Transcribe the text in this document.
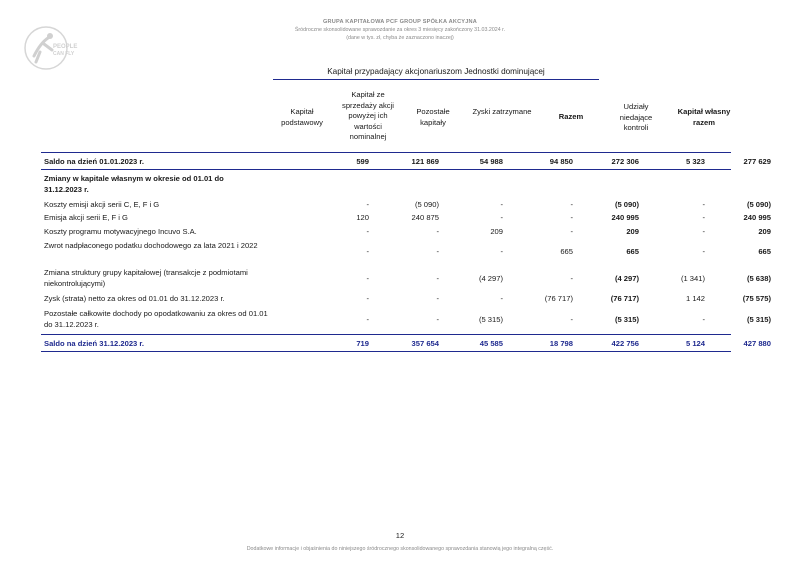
PEOPLE
CAN FLY
GRUPA KAPITAŁOWA PCF GROUP SPÓŁKA AKCYJNA
Śródroczne skonsolidowane sprawozdanie za okres 3 miesięcy zakończony 31.03.2024 r.
(dane w tys. zł, chyba że zaznaczono inaczej)
Kapitał przypadający akcjonariuszom Jednostki dominującej
Kapitał podstawowy
Kapitał ze sprzedaży akcji powyżej ich wartości nominalnej
Pozostałe kapitały
Zyski zatrzymane
Razem
Udziały niedające kontroli
Kapitał własny razem
Saldo na dzień 01.01.2023 r.	599	121 869	54 988	94 850	272 306	5 323	277 629
Zmiany w kapitale własnym w okresie od 01.01 do 31.12.2023 r.
Koszty emisji akcji serii C, E, F i G	-	(5 090)	-	-	(5 090)	-	(5 090)
Emisja akcji serii E, F i G	120	240 875	-	-	240 995	-	240 995
Koszty programu motywacyjnego Incuvo S.A.	-	-	209	-	209	-	209
Zwrot nadpłaconego podatku dochodowego za lata 2021 i 2022
-	-	-	665	665	-	665
Zmiana struktury grupy kapitałowej (transakcje z podmiotami niekontrolującymi)
-	-	(4 297)	-	(4 297)	(1 341)	(5 638)
Zysk (strata) netto za okres od 01.01 do 31.12.2023 r.	-	-	-	(76 717)	(76 717)	1 142	(75 575)
Pozostałe całkowite dochody po opodatkowaniu za okres od 01.01 do 31.12.2023 r.
-	-	(5 315)	-	(5 315)	-	(5 315)
Saldo na dzień 31.12.2023 r.	719	357 654	45 585	18 798	422 756	5 124	427 880
12
Dodatkowe informacje i objaśnienia do niniejszego śródrocznego skonsolidowanego sprawozdania stanowią jego integralną część.
